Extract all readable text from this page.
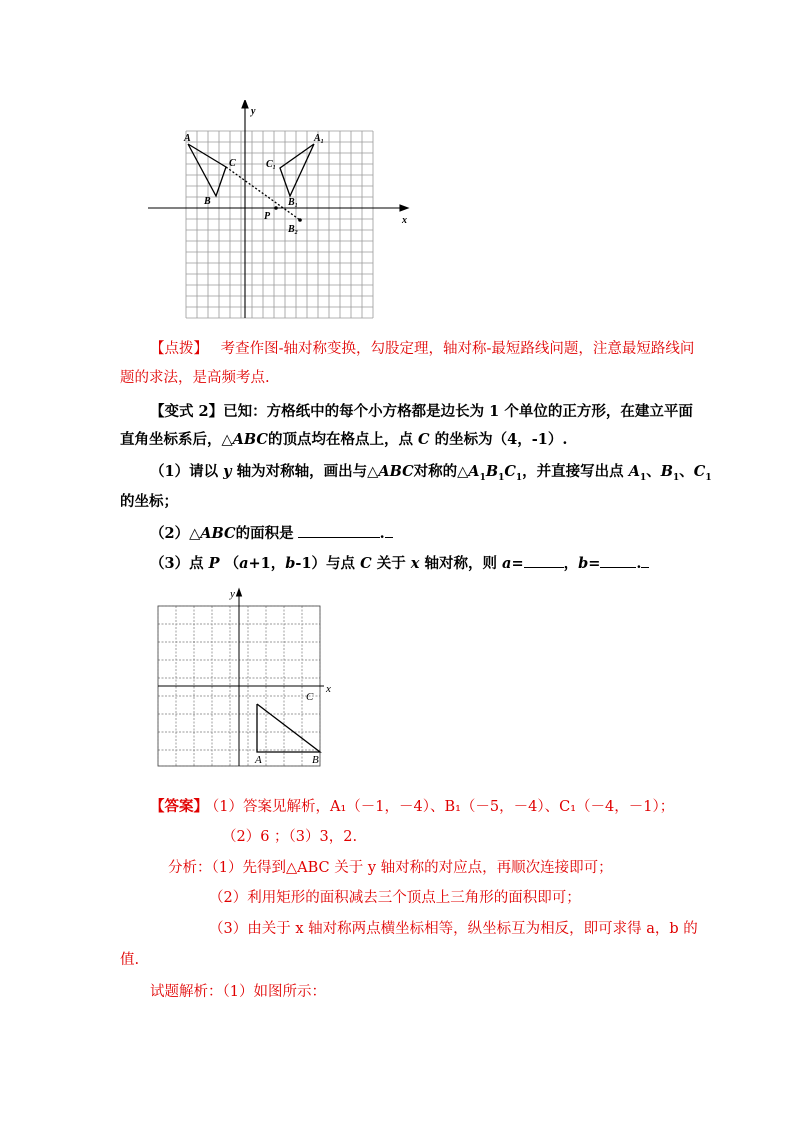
y
x
A
C
B
$A_1$
$C_1$
$B_1$
P
$B_2$
【点拨】 考查作图-轴对称变换，勾股定理，轴对称-最短路线问题，注意最短路线问
题的求法，是高频考点.
【变式 2】已知：方格纸中的每个小方格都是边长为 1 个单位的正方形，在建立平面
直角坐标系后，△ABC的顶点均在格点上，点 C 的坐标为（4，-1）.
（1）请以 y 轴为对称轴，画出与△ABC对称的$\triangle A_1B_1C_1$，并直接写出点 $A_1$、$B_1$、$C_1$
的坐标；
（2）△ABC的面积是	.
（3）点 P （a+1，b-1）与点 C 关于 x 轴对称，则 a=	，b= .
y
x
C
A	B
【答案】 （1）答案见解析，A₁（－1，－4）、B₁（－5，－4）、C₁（－4，－1）；
（2）6 ；（3）3，2.
分析：（1）先得到△ABC 关于 y 轴对称的对应点，再顺次连接即可；
（2）利用矩形的面积减去三个顶点上三角形的面积即可；
（3）由关于 x 轴对称两点横坐标相等，纵坐标互为相反，即可求得 a，b 的
值.
试题解析：（1）如图所示：
